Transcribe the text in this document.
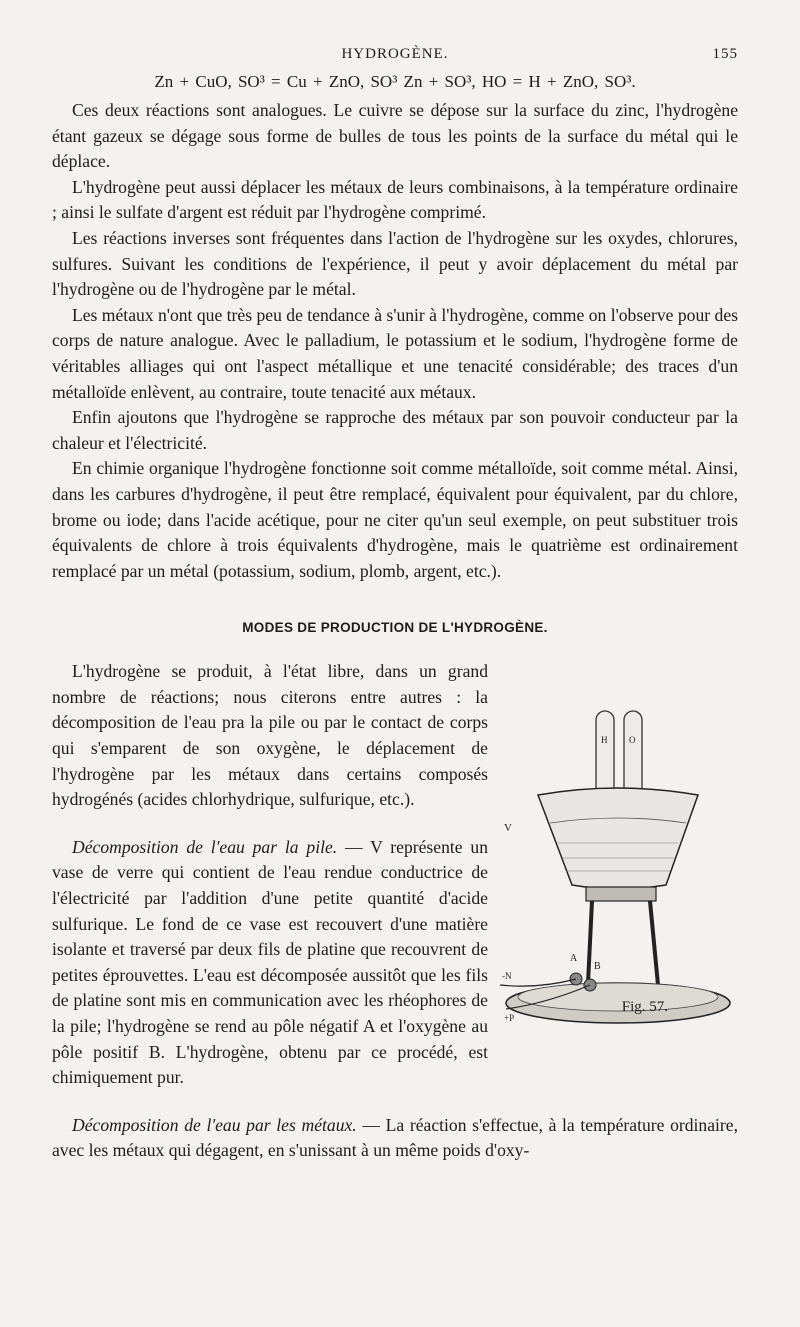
HYDROGÈNE.	155
Zn + CuO, SO³ = Cu + ZnO, SO³ Zn + SO³, HO = H + ZnO, SO³.

Ces deux réactions sont analogues. Le cuivre se dépose sur la surface du zinc, l'hydrogène étant gazeux se dégage sous forme de bulles de tous les points de la surface du métal qui le déplace.

L'hydrogène peut aussi déplacer les métaux de leurs combinaisons, à la température ordinaire ; ainsi le sulfate d'argent est réduit par l'hydrogène comprimé.

Les réactions inverses sont fréquentes dans l'action de l'hydrogène sur les oxydes, chlorures, sulfures. Suivant les conditions de l'expérience, il peut y avoir déplacement du métal par l'hydrogène ou de l'hydrogène par le métal.

Les métaux n'ont que très peu de tendance à s'unir à l'hydrogène, comme on l'observe pour des corps de nature analogue. Avec le palladium, le potassium et le sodium, l'hydrogène forme de véritables alliages qui ont l'aspect métallique et une tenacité considérable; des traces d'un métalloïde enlèvent, au contraire, toute tenacité aux métaux.

Enfin ajoutons que l'hydrogène se rapproche des métaux par son pouvoir conducteur par la chaleur et l'électricité.

En chimie organique l'hydrogène fonctionne soit comme métalloïde, soit comme métal. Ainsi, dans les carbures d'hydrogène, il peut être remplacé, équivalent pour équivalent, par du chlore, brome ou iode; dans l'acide acétique, pour ne citer qu'un seul exemple, on peut substituer trois équivalents de chlore à trois équivalents d'hydrogène, mais le quatrième est ordinairement remplacé par un métal (potassium, sodium, plomb, argent, etc.).

MODES DE PRODUCTION DE L'HYDROGÈNE.
H O
V
A
B
-N
+P
Fig. 57.

L'hydrogène se produit, à l'état libre, dans un grand nombre de réactions; nous citerons entre autres : la décomposition de l'eau pra la pile ou par le contact de corps qui s'emparent de son oxygène, le déplacement de l'hydrogène par les métaux dans certains composés hydrogénés (acides chlorhydrique, sulfurique, etc.).

Décomposition de l'eau par la pile. — V représente un vase de verre qui contient de l'eau rendue conductrice de l'électricité par l'addition d'une petite quantité d'acide sulfurique. Le fond de ce vase est recouvert d'une matière isolante et traversé par deux fils de platine que recouvrent de petites éprouvettes. L'eau est décomposée aussitôt que les fils de platine sont mis en communication avec les rhéophores de la pile; l'hydrogène se rend au pôle négatif A et l'oxygène au pôle positif B. L'hydrogène, obtenu par ce procédé, est chimiquement pur.

Décomposition de l'eau par les métaux. — La réaction s'effectue, à la température ordinaire, avec les métaux qui dégagent, en s'unissant à un même poids d'oxy-
